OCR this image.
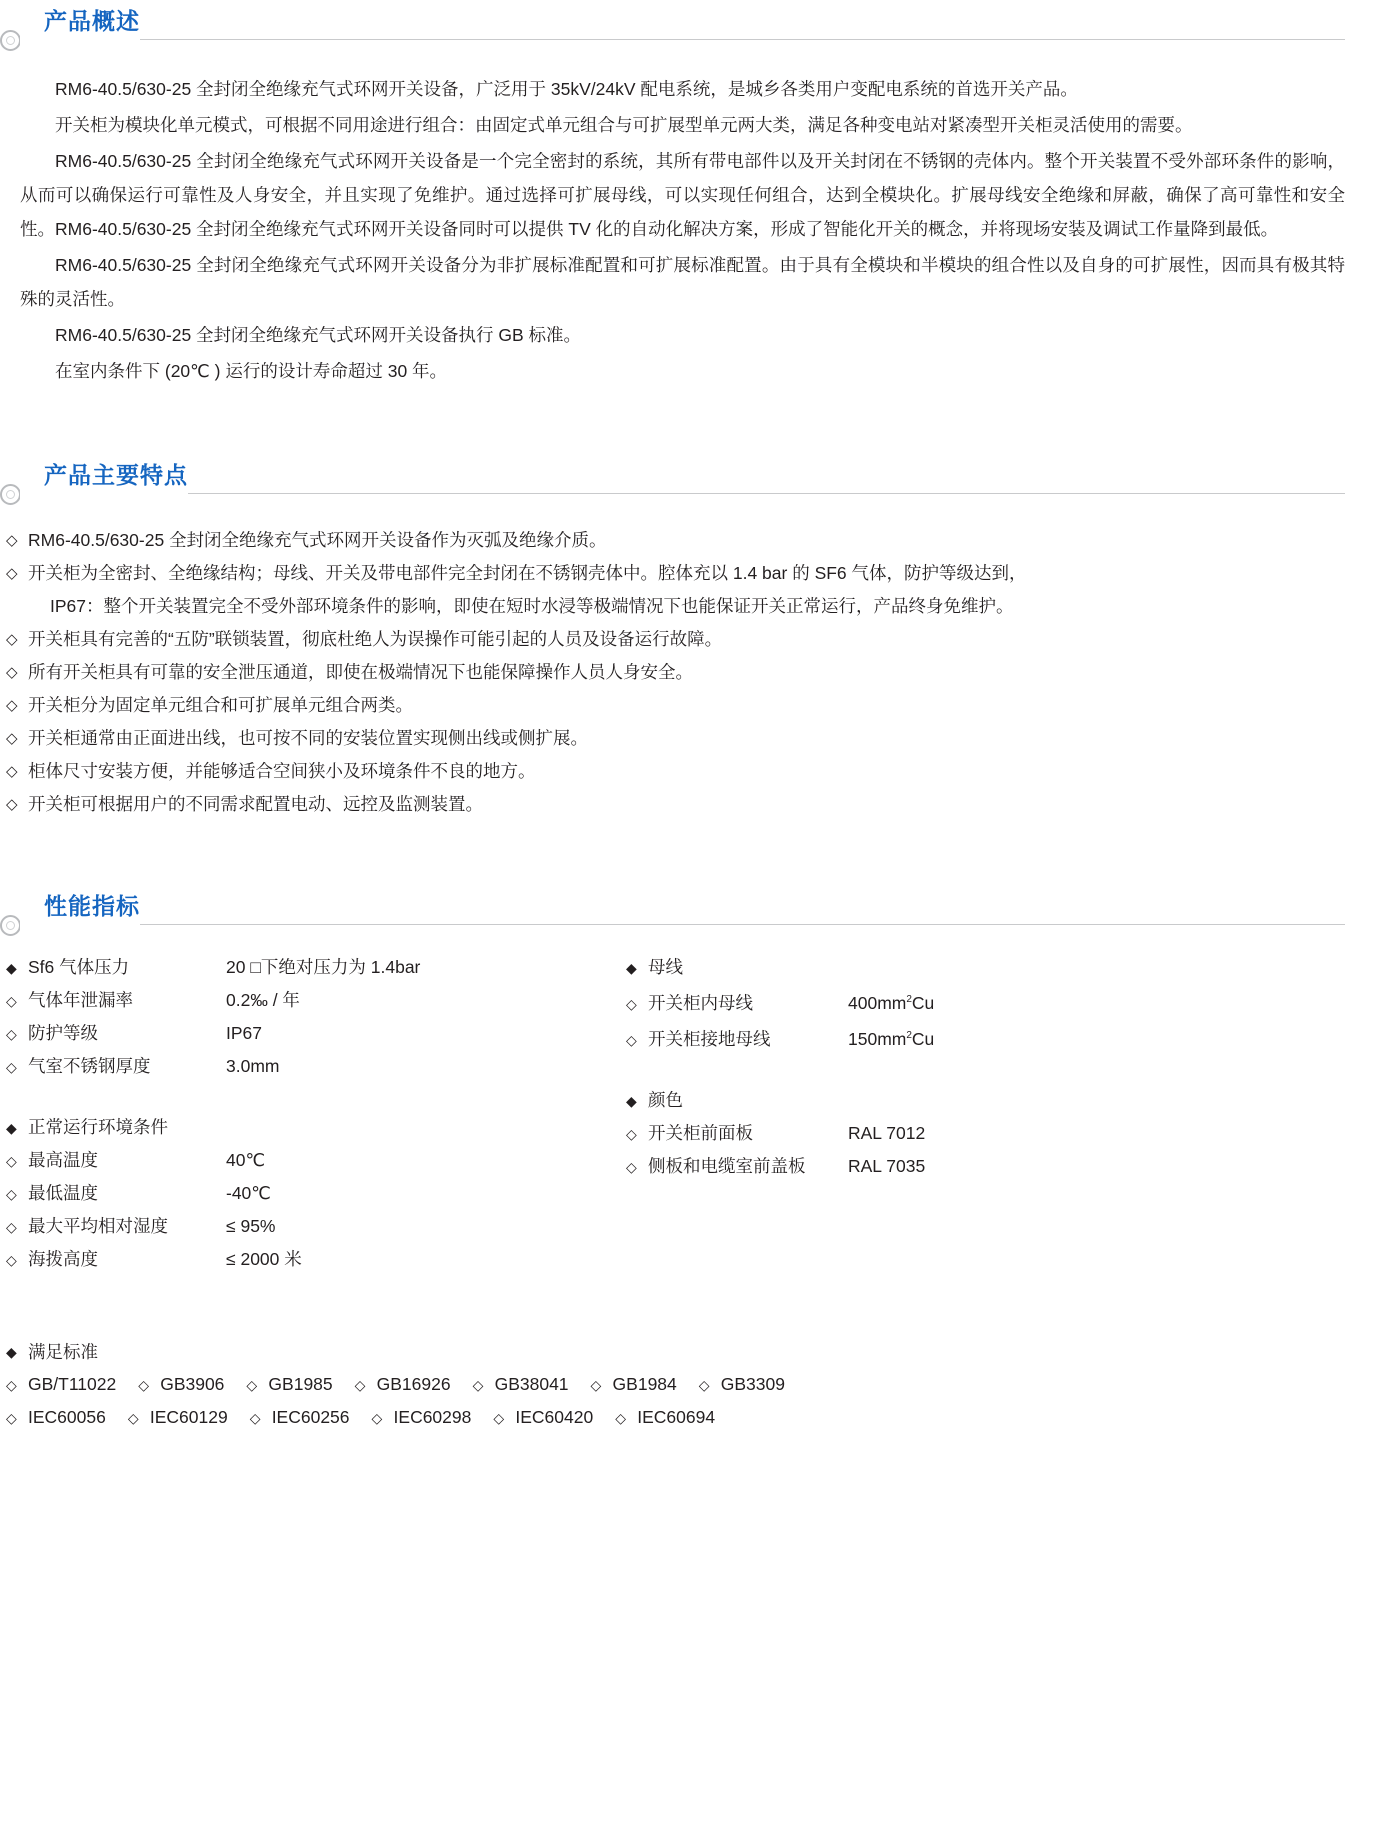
产品概述

RM6-40.5/630-25 全封闭全绝缘充气式环网开关设备，广泛用于 35kV/24kV 配电系统，是城乡各类用户变配电系统的首选开关产品。

开关柜为模块化单元模式，可根据不同用途进行组合：由固定式单元组合与可扩展型单元两大类，满足各种变电站对紧凑型开关柜灵活使用的需要。

RM6-40.5/630-25 全封闭全绝缘充气式环网开关设备是一个完全密封的系统，其所有带电部件以及开关封闭在不锈钢的壳体内。整个开关装置不受外部环条件的影响，从而可以确保运行可靠性及人身安全，并且实现了免维护。通过选择可扩展母线，可以实现任何组合，达到全模块化。扩展母线安全绝缘和屏蔽，确保了高可靠性和安全性。RM6-40.5/630-25 全封闭全绝缘充气式环网开关设备同时可以提供 TV 化的自动化解决方案，形成了智能化开关的概念，并将现场安装及调试工作量降到最低。

RM6-40.5/630-25 全封闭全绝缘充气式环网开关设备分为非扩展标准配置和可扩展标准配置。由于具有全模块和半模块的组合性以及自身的可扩展性，因而具有极其特殊的灵活性。

RM6-40.5/630-25 全封闭全绝缘充气式环网开关设备执行 GB 标准。

在室内条件下 (20℃ ) 运行的设计寿命超过 30 年。

产品主要特点
◇ RM6-40.5/630-25 全封闭全绝缘充气式环网开关设备作为灭弧及绝缘介质。
◇ 开关柜为全密封、全绝缘结构；母线、开关及带电部件完全封闭在不锈钢壳体中。腔体充以 1.4 bar 的 SF6 气体，防护等级达到，
IP67：整个开关装置完全不受外部环境条件的影响，即使在短时水浸等极端情况下也能保证开关正常运行，产品终身免维护。
◇ 开关柜具有完善的“五防”联锁装置，彻底杜绝人为误操作可能引起的人员及设备运行故障。
◇ 所有开关柜具有可靠的安全泄压通道，即使在极端情况下也能保障操作人员人身安全。
◇ 开关柜分为固定单元组合和可扩展单元组合两类。
◇ 开关柜通常由正面进出线，也可按不同的安装位置实现侧出线或侧扩展。
◇ 柜体尺寸安装方便，并能够适合空间狭小及环境条件不良的地方。
◇ 开关柜可根据用户的不同需求配置电动、远控及监测装置。
性能指标
◆ Sf6 气体压力	20 □下绝对压力为 1.4bar
◇ 气体年泄漏率	0.2‰ / 年
◇ 防护等级	IP67
◇ 气室不锈钢厚度	3.0mm
◆ 正常运行环境条件
◇ 最高温度	40℃
◇ 最低温度	-40℃
◇ 最大平均相对湿度	≤ 95%
◇ 海拨高度	≤ 2000 米
◆ 母线
◇ 开关柜内母线	$400mm^2Cu$
◇ 开关柜接地母线	$150mm^2Cu$
◆ 颜色
◇ 开关柜前面板	RAL 7012
◇ 侧板和电缆室前盖板	RAL 7035
◆ 满足标准
◇ GB/T11022 ◇ GB3906 ◇ GB1985 ◇ GB16926 ◇ GB38041 ◇ GB1984 ◇ GB3309
◇ IEC60056 ◇ IEC60129 ◇ IEC60256 ◇ IEC60298 ◇ IEC60420 ◇ IEC60694
